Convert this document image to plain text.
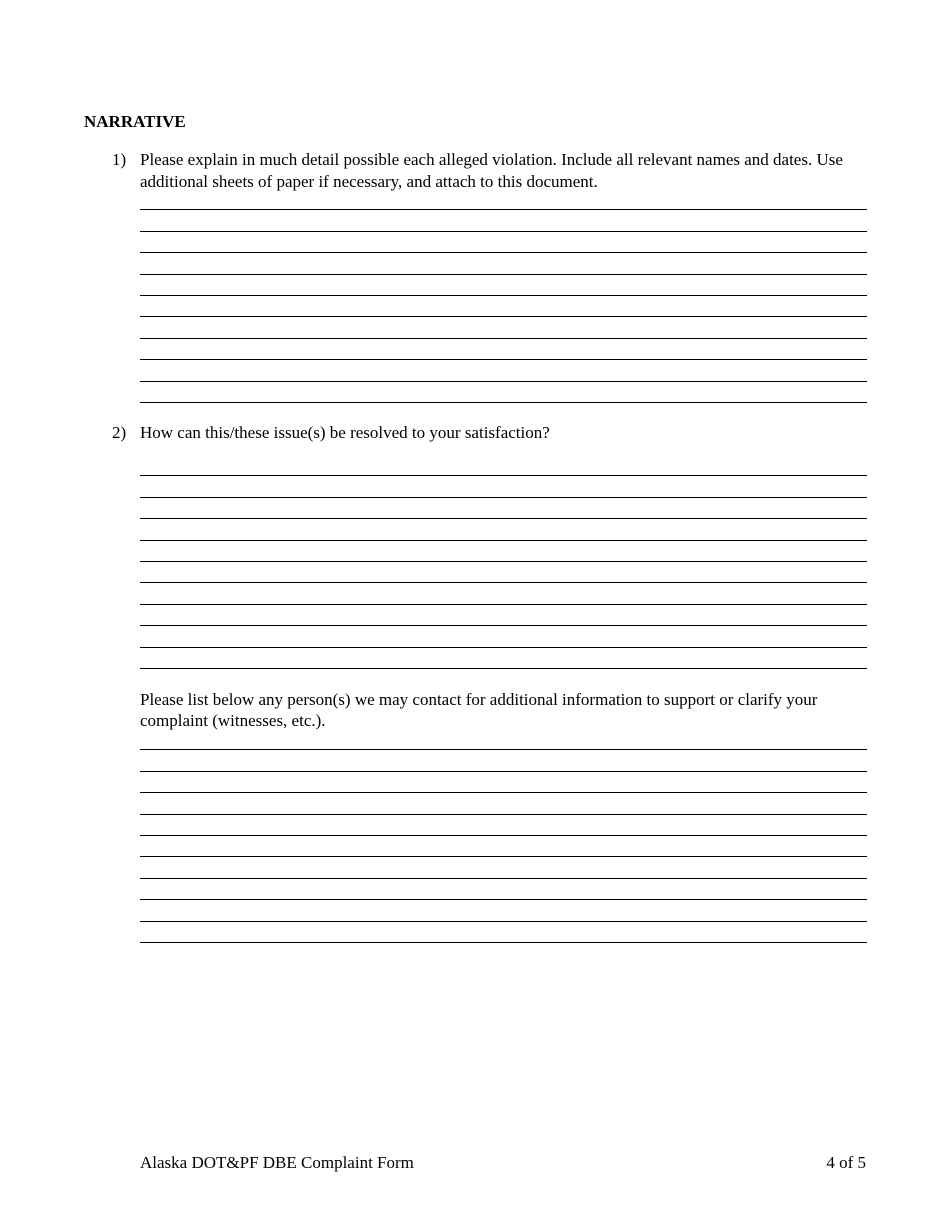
NARRATIVE
1) Please explain in much detail possible each alleged violation. Include all relevant names and dates. Use additional sheets of paper if necessary, and attach to this document.
2) How can this/these issue(s) be resolved to your satisfaction?
Please list below any person(s) we may contact for additional information to support or clarify your complaint (witnesses, etc.).
Alaska DOT&PF DBE Complaint Form	4 of 5
